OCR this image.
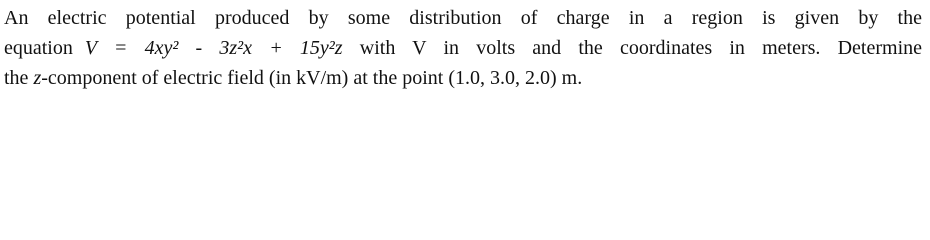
An electric potential produced by some distribution of charge in a region is given by the
equation V = 4xy² - 3z²x + 15y²z with V in volts and the coordinates in meters. Determine
the z-component of electric field (in kV/m) at the point (1.0, 3.0, 2.0) m.
